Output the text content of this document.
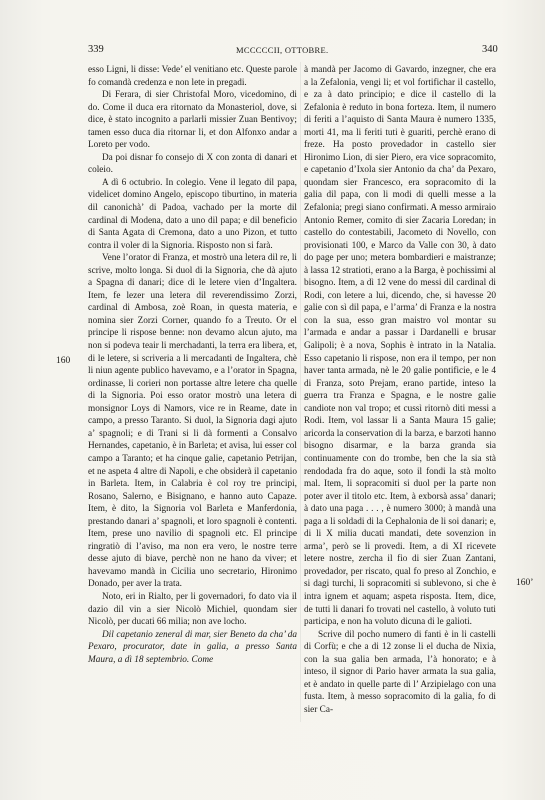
339	MCCCCCII, OTTOBRE.	340

esso Ligni, li disse: Vede’ el venitiano etc. Queste parole fo comandà credenza e non lete in pregadi.

Di Ferara, di sier Christofal Moro, vicedomino, di do. Come il duca era ritornato da Monasteriol, dove, si dice, è stato incognito a parlarli missier Zuan Bentivoy; tamen esso duca dia ritornar li, et don Alfonxo andar a Loreto per vodo.

Da poi disnar fo consejo di X con zonta di danari et coleio.

A dì 6 octubrio. In colegio. Vene il legato dil papa, videlicet domino Angelo, episcopo tiburtino, in materia dil canonichà’ di Padoa, vachado per la morte dil cardinal di Modena, dato a uno dil papa; e dil beneficio di Santa Agata di Cremona, dato a uno Pizon, et tutto contra il voler di la Signoria. Risposto non si farà.

Vene l’orator di Franza, et mostrò una letera dil re, li scrive, molto longa. Si duol di la Signoria, che dà ajuto a Spagna di danari; dice di le letere vien d’Ingaltera. Item, fe lezer una letera dil reverendissimo Zorzi, cardinal di Ambosa, zoè Roan, in questa materia, e nomina sier Zorzi Corner, quando fo a Treuto. Or el principe li rispose benne: non devamo alcun ajuto, ma non si podeva teair li merchadanti, la terra era libera, et, di le letere, si scriveria a li mercadanti de Ingaltera, chè li niun agente publico havevamo, e a l’orator in Spagna, ordinasse, li corieri non portasse altre letere cha quelle di la Signoria. Poi esso orator mostrò una letera di monsignor Loys di Namors, vice re in Reame, date in campo, a presso Taranto. Si duol, la Signoria dagi ajuto a’ spagnoli; e di Trani si li dà formenti a Consalvo Hernandes, capetanio, è in Barleta; et avisa, lui esser col campo a Taranto; et ha cinque galie, capetanio Petrijan, et ne aspeta 4 altre di Napoli, e che obsiderà il capetanio in Barleta. Item, in Calabria è col roy tre principi, Rosano, Salerno, e Bisignano, e hanno auto Capaze. Item, è dito, la Signoria vol Barleta e Manferdonia, prestando danari a’ spagnoli, et loro spagnoli è contenti. Item, prese uno navilio di spagnoli etc. El principe ringratiò di l’aviso, ma non era vero, le nostre terre desse ajuto di biave, perchè non ne hano da viver; et havevamo mandà in Cicilia uno secretario, Hironimo Donado, per aver la trata.

Noto, eri in Rialto, per li governadori, fo dato via il dazio dil vin a sier Nicolò Michiel, quondam sier Nicolò, per ducati 66 milia; non ave locho.

Dil capetanio zeneral di mar, sier Beneto da cha’ da Pexaro, procurator, date in galia, a presso Santa Maura, a dì 18 septembrio. Come

à mandà per Jacomo di Gavardo, inzegner, che era a la Zefalonia, vengi li; et vol fortifichar il castello, e za à dato principio; e dice il castello di la Zefalonia è reduto in bona forteza. Item, il numero di feriti a l’aquisto di Santa Maura è numero 1335, morti 41, ma li feriti tuti è guariti, perchè erano di freze. Ha posto provedador in castello sier Hironimo Lion, di sier Piero, era vice sopracomito, e capetanio d’Ixola sier Antonio da cha’ da Pexaro, quondam sier Francesco, era sopracomito di la galia dil papa, con li modi di quelli messe a la Zefalonia; pregi siano confirmati. A messo armiraio Antonio Remer, comito di sier Zacaria Loredan; in castello do contestabili, Jacometo di Novello, con provisionati 100, e Marco da Valle con 30, à dato do page per uno; metera bombardieri e maistranze; à lassa 12 stratioti, erano a la Barga, è pochissimi al bisogno. Item, a dì 12 vene do messi dil cardinal di Rodi, con letere a lui, dicendo, che, si havesse 20 galie con sì dil papa, e l’arma’ di Franza e la nostra con la sua, esso gran maistro vol montar su l’armada e andar a passar i Dardanelli e brusar Galipoli; è a nova, Sophis è intrato in la Natalia. Esso capetanio li rispose, non era il tempo, per non haver tanta armada, nè le 20 galie pontificie, e le 4 di Franza, soto Prejam, erano partide, inteso la guerra tra Franza e Spagna, e le nostre galie candiote non val tropo; et cussì ritornò diti messi a Rodi. Item, vol lassar li a Santa Maura 15 galie; aricorda la conservation di la barza, e barzoti hanno bisogno disarmar, e la barza granda sia continuamente con do trombe, ben che la sia stà rendodada fra do aque, soto il fondi la stà molto mal. Item, li sopracomiti si duol per la parte non poter aver il titolo etc. Item, à exborsà assa’ danari; à dato una paga . . . , è numero 3000; à mandà una paga a li soldadi di la Cephalonia de li soi danari; e, di li X milia ducati mandati, dete sovenzion in arma’, però se li provedi. Item, a di XI ricevete letere nostre, zercha il fio di sier Zuan Zantani, provedador, per riscato, qual fo preso al Zonchio, e si dagi turchi, li sopracomiti si sublevono, si che è intra ignem et aquam; aspeta risposta. Item, dice, de tutti li danari fo trovati nel castello, à voluto tuti participa, e non ha voluto dicuna di le galioti.

Scrive dil pocho numero di fanti è in li castelli di Corfù; e che a di 12 zonse li el ducha de Nixia, con la sua galia ben armada, l’à honorato; e à inteso, il signor di Pario haver armata la sua galia, et è andato in quelle parte di l’ Arzipielago con una fusta. Item, à messo sopracomito di la galia, fo di sier Ca-

160
160’
